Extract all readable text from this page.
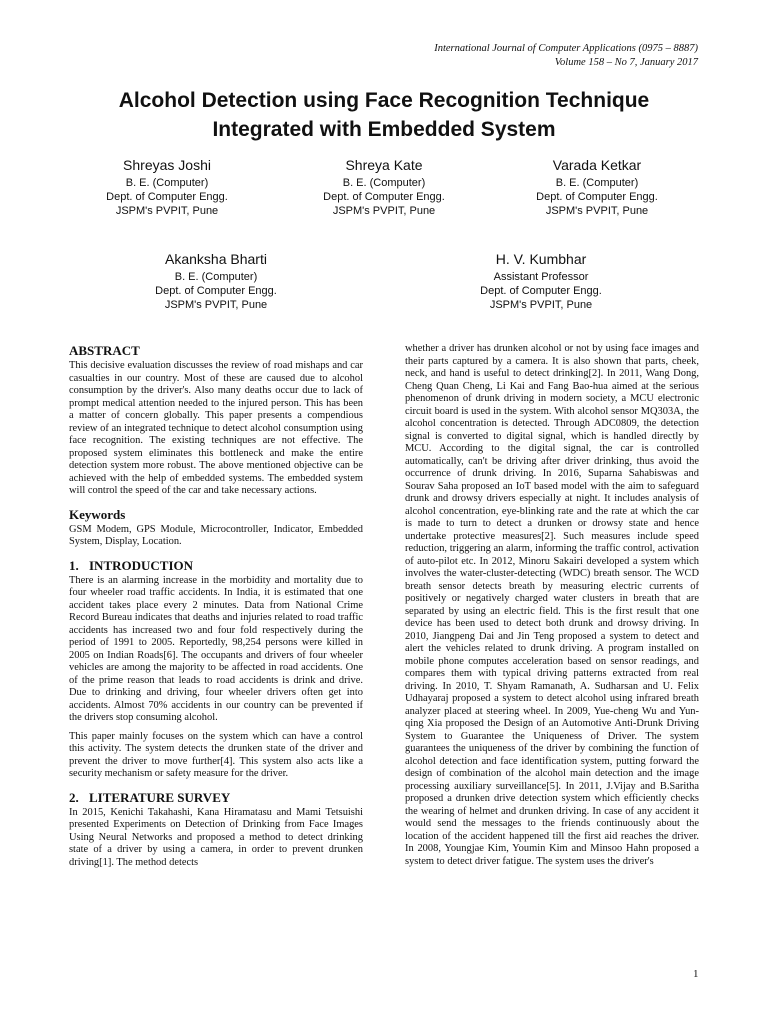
International Journal of Computer Applications (0975 – 8887)
Volume 158 – No 7, January 2017
Alcohol Detection using Face Recognition Technique
Integrated with Embedded System
Shreyas Joshi
B. E. (Computer)
Dept. of Computer Engg.
JSPM's PVPIT, Pune
Shreya Kate
B. E. (Computer)
Dept. of Computer Engg.
JSPM's PVPIT, Pune
Varada Ketkar
B. E. (Computer)
Dept. of Computer Engg.
JSPM's PVPIT, Pune
Akanksha Bharti
B. E. (Computer)
Dept. of Computer Engg.
JSPM's PVPIT, Pune
H. V. Kumbhar
Assistant Professor
Dept. of Computer Engg.
JSPM's PVPIT, Pune
ABSTRACT

This decisive evaluation discusses the review of road mishaps and car casualties in our country. Most of these are caused due to alcohol consumption by the driver's. Also many deaths occur due to lack of prompt medical attention needed to the injured person. This has been a matter of concern globally. This paper presents a compendious review of an integrated technique to detect alcohol consumption using face recognition. The existing techniques are not effective. The proposed system eliminates this bottleneck and make the entire detection system more robust. The above mentioned objective can be achieved with the help of embedded systems. The embedded system will control the speed of the car and take necessary actions.

Keywords

GSM Modem, GPS Module, Microcontroller, Indicator, Embedded System, Display, Location.

1. INTRODUCTION

There is an alarming increase in the morbidity and mortality due to four wheeler road traffic accidents. In India, it is estimated that one accident takes place every 2 minutes. Data from National Crime Record Bureau indicates that deaths and injuries related to road traffic accidents has increased two and four fold respectively during the period of 1991 to 2005. Reportedly, 98,254 persons were killed in 2005 on Indian Roads[6]. The occupants and drivers of four wheeler vehicles are among the majority to be affected in road accidents. One of the prime reason that leads to road accidents is drink and drive. Due to drinking and driving, four wheeler drivers often get into accidents. Almost 70% accidents in our country can be prevented if the drivers stop consuming alcohol.

This paper mainly focuses on the system which can have a control this activity. The system detects the drunken state of the driver and prevent the driver to move further[4]. This system also acts like a security mechanism or safety measure for the driver.

2. LITERATURE SURVEY

In 2015, Kenichi Takahashi, Kana Hiramatasu and Mami Tetsuishi presented Experiments on Detection of Drinking from Face Images Using Neural Networks and proposed a method to detect drinking state of a driver by using a camera, in order to prevent drunken driving[1]. The method detects

whether a driver has drunken alcohol or not by using face images and their parts captured by a camera. It is also shown that parts, cheek, neck, and hand is useful to detect drinking[2]. In 2011, Wang Dong, Cheng Quan Cheng, Li Kai and Fang Bao-hua aimed at the serious phenomenon of drunk driving in modern society, a MCU electronic circuit board is used in the system. With alcohol sensor MQ303A, the alcohol concentration is detected. Through ADC0809, the detection signal is converted to digital signal, which is handled directly by MCU. According to the digital signal, the car is controlled automatically, can't be driving after driver drinking, thus avoid the occurrence of drunk driving. In 2016, Suparna Sahabiswas and Sourav Saha proposed an IoT based model with the aim to safeguard drunk and drowsy drivers especially at night. It includes analysis of alcohol concentration, eye-blinking rate and the rate at which the car is made to turn to detect a drunken or drowsy state and hence undertake protective measures[2]. Such measures include speed reduction, triggering an alarm, informing the traffic control, activation of auto-pilot etc. In 2012, Minoru Sakairi developed a system which involves the water-cluster-detecting (WDC) breath sensor. The WCD breath sensor detects breath by measuring electric currents of positively or negatively charged water clusters in breath that are separated by using an electric field. This is the first result that one device has been used to detect both drunk and drowsy driving. In 2010, Jiangpeng Dai and Jin Teng proposed a system to detect and alert the vehicles related to drunk driving. A program installed on mobile phone computes acceleration based on sensor readings, and compares them with typical driving patterns extracted from real driving. In 2010, T. Shyam Ramanath, A. Sudharsan and U. Felix Udhayaraj proposed a system to detect alcohol using infrared breath analyzer placed at steering wheel. In 2009, Yue-cheng Wu and Yun-qing Xia proposed the Design of an Automotive Anti-Drunk Driving System to Guarantee the Uniqueness of Driver. The system guarantees the uniqueness of the driver by combining the function of alcohol detection and face identification system, putting forward the design of combination of the alcohol main detection and the image processing auxiliary surveillance[5]. In 2011, J.Vijay and B.Saritha proposed a drunken drive detection system which efficiently checks the wearing of helmet and drunken driving. In case of any accident it would send the messages to the friends continuously about the location of the accident happened till the first aid reaches the driver. In 2008, Youngjae Kim, Youmin Kim and Minsoo Hahn proposed a system to detect driver fatigue. The system uses the driver's

1
